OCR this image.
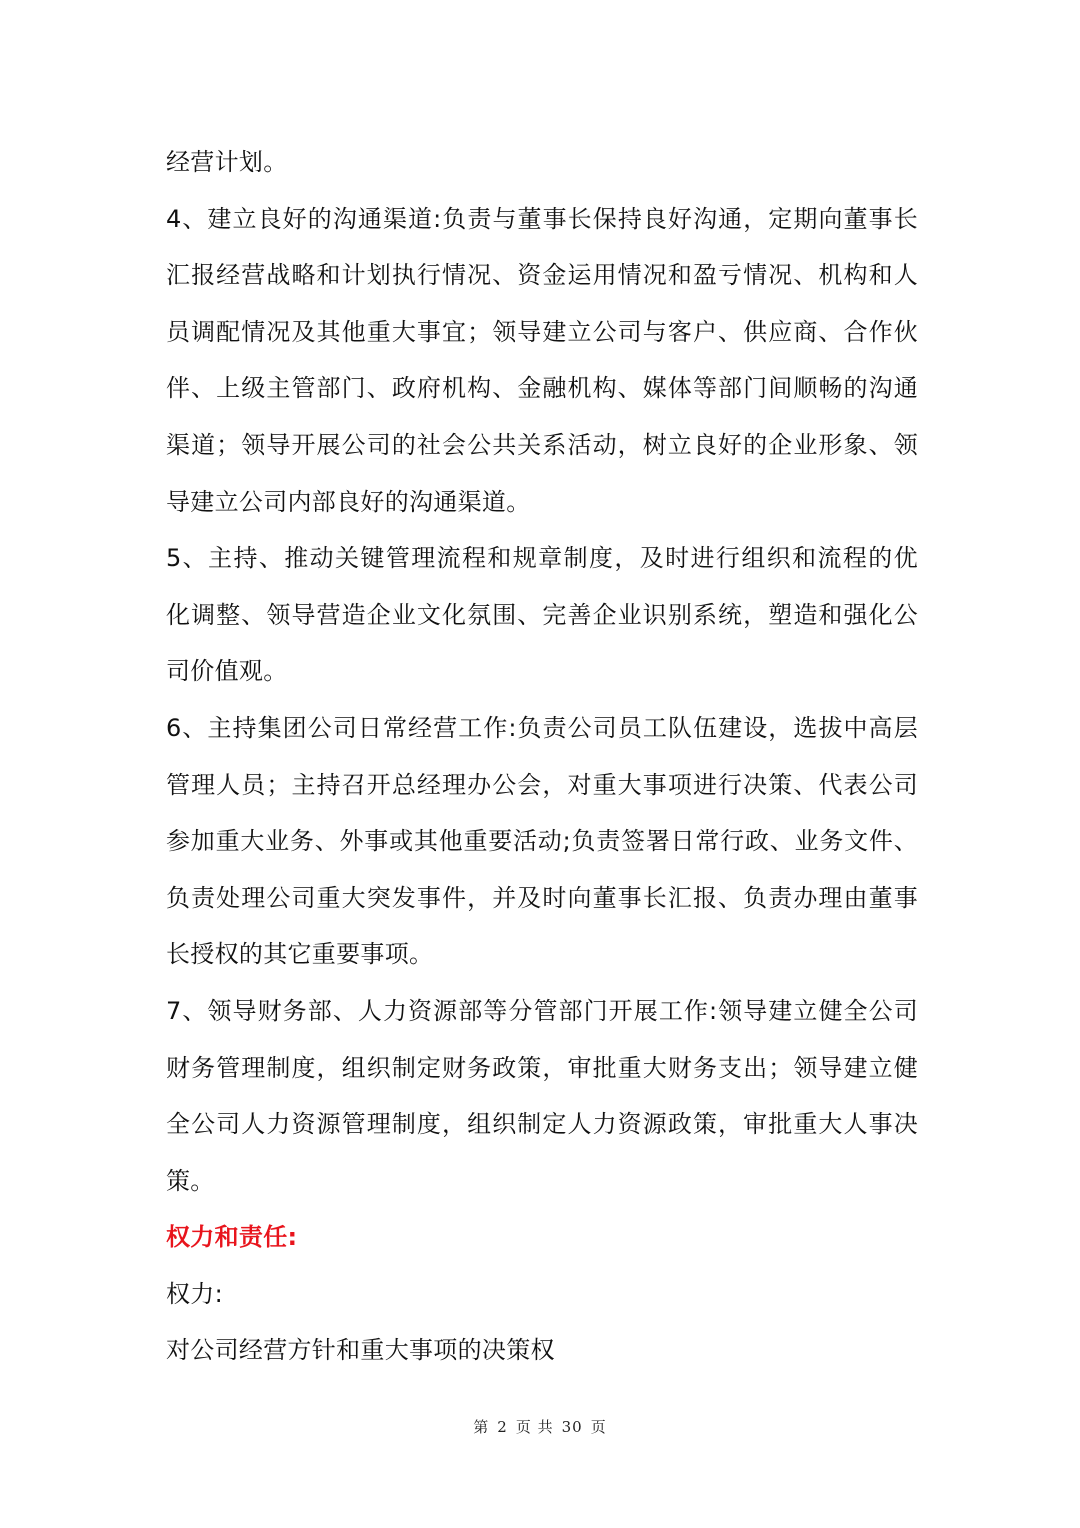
经营计划。
4、建立良好的沟通渠道:负责与董事长保持良好沟通，定期向董事长
汇报经营战略和计划执行情况、资金运用情况和盈亏情况、机构和人
员调配情况及其他重大事宜；领导建立公司与客户、供应商、合作伙
伴、上级主管部门、政府机构、金融机构、媒体等部门间顺畅的沟通
渠道；领导开展公司的社会公共关系活动，树立良好的企业形象、领
导建立公司内部良好的沟通渠道。
5、主持、推动关键管理流程和规章制度，及时进行组织和流程的优
化调整、领导营造企业文化氛围、完善企业识别系统，塑造和强化公
司价值观。
6、主持集团公司日常经营工作:负责公司员工队伍建设，选拔中高层
管理人员；主持召开总经理办公会，对重大事项进行决策、代表公司
参加重大业务、外事或其他重要活动;负责签署日常行政、业务文件、
负责处理公司重大突发事件，并及时向董事长汇报、负责办理由董事
长授权的其它重要事项。
7、领导财务部、人力资源部等分管部门开展工作:领导建立健全公司
财务管理制度，组织制定财务政策，审批重大财务支出；领导建立健
全公司人力资源管理制度，组织制定人力资源政策，审批重大人事决
策。
权力和责任:
权力:
对公司经营方针和重大事项的决策权
第 2 页 共 30 页
